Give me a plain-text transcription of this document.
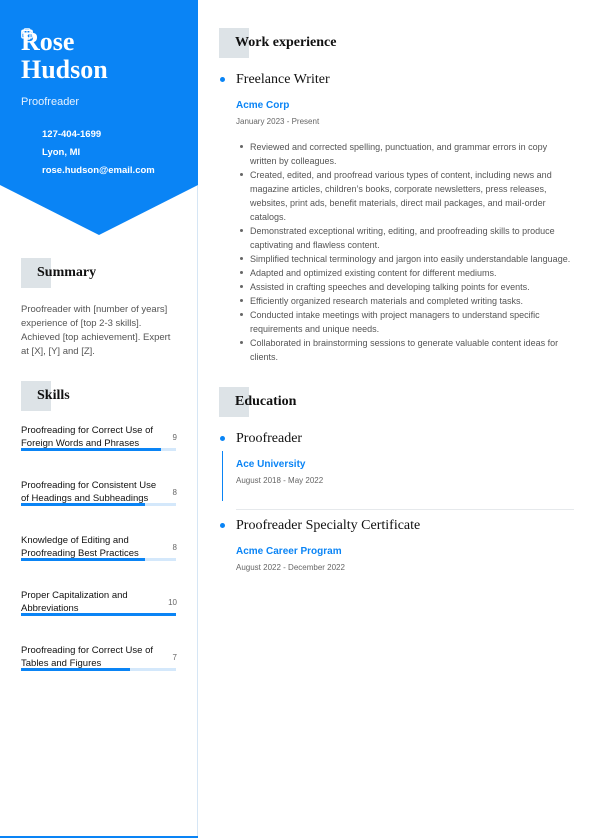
Rose
Hudson
Proofreader
127-404-1699
Lyon, MI
rose.hudson@email.com
Summary

Proofreader with [number of years] experience of [top 2-3 skills]. Achieved [top achievement]. Expert at [X], [Y] and [Z].

Skills
Proofreading for Correct Use of Foreign Words and Phrases	9
Proofreading for Consistent Use of Headings and Subheadings	8
Knowledge of Editing and Proofreading Best Practices	8
Proper Capitalization and Abbreviations	10
Proofreading for Correct Use of Tables and Figures	7
Work experience
Freelance Writer
Acme Corp
January 2023 - Present
Reviewed and corrected spelling, punctuation, and grammar errors in copy written by colleagues.
Created, edited, and proofread various types of content, including news and magazine articles, children’s books, corporate newsletters, press releases, websites, print ads, benefit materials, direct mail packages, and mail-order catalogs.
Demonstrated exceptional writing, editing, and proofreading skills to produce captivating and flawless content.
Simplified technical terminology and jargon into easily understandable language.
Adapted and optimized existing content for different mediums.
Assisted in crafting speeches and developing talking points for events.
Efficiently organized research materials and completed writing tasks.
Conducted intake meetings with project managers to understand specific requirements and unique needs.
Collaborated in brainstorming sessions to generate valuable content ideas for clients.
Education
Proofreader
Ace University
August 2018 - May 2022
Proofreader Specialty Certificate
Acme Career Program
August 2022 - December 2022
